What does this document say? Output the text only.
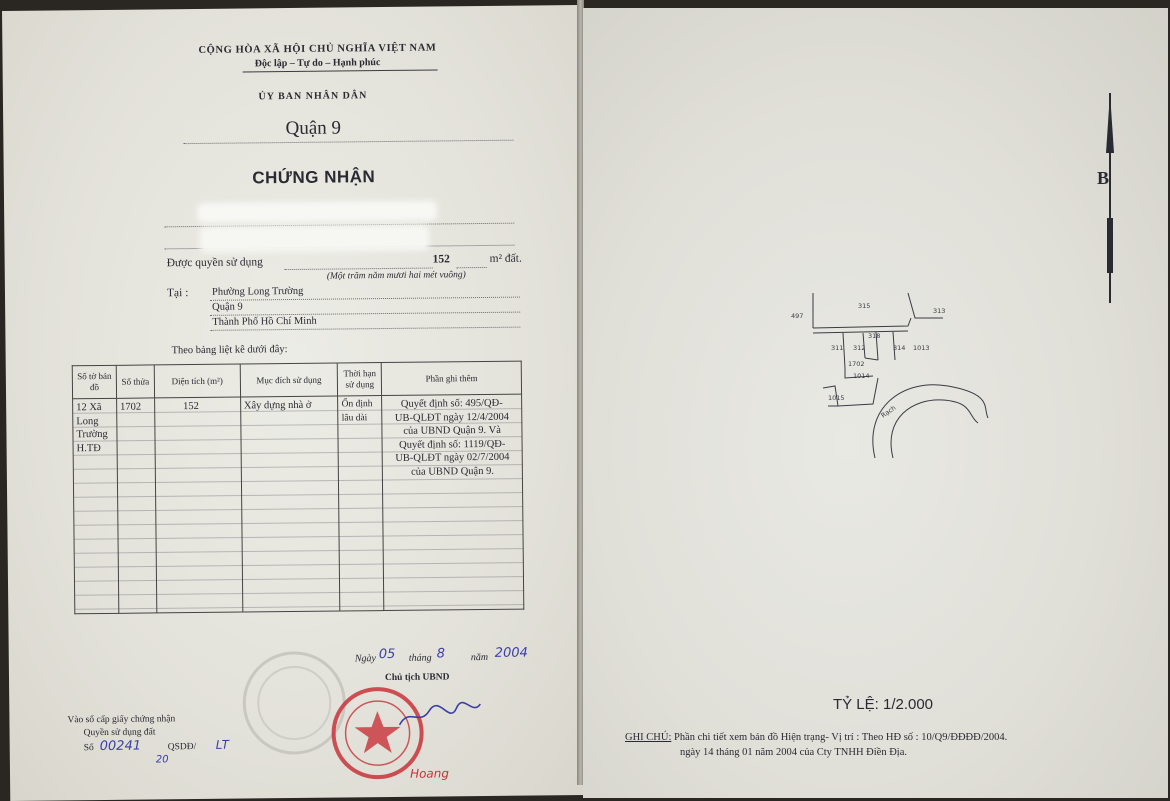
CỘNG HÒA XÃ HỘI CHỦ NGHĨA VIỆT NAM
Độc lập – Tự do – Hạnh phúc
ỦY BAN NHÂN DÂN
Quận 9
CHỨNG NHẬN
Được quyền sử dụng	152	m² đất.
(Một trăm năm mươi hai mét vuông)
Tại : Phường Long Trường
Quận 9
Thành Phố Hồ Chí Minh
Theo bảng liệt kê dưới đây:
Số tờ bản đồ	Số thửa	Diện tích (m²)	Mục đích sử dụng	Thời hạn sử dụng	Phần ghi thêm
12 Xã Long Trường H.TĐ	1702	152	Xây dựng nhà ở	Ổn định lâu dài	Quyết định số: 495/QĐ-UB-QLĐT ngày 12/4/2004 của UBND Quận 9. Và Quyết định số: 1119/QĐ-UB-QLĐT ngày 02/7/2004 của UBND Quận 9.
Ngày 05 tháng 8	năm 2004
Chủ tịch UBND
Hoang
Vào sổ cấp giấy chứng nhận
Quyền sử dụng đất
Số 00241	QSDĐ/ LT
20
B
497
315
313
318
311 312	314 1013
1702
1014
1015
Rạch
TỶ LỆ: 1/2.000
GHI CHÚ: Phần chi tiết xem bản đồ Hiện trạng- Vị trí : Theo HĐ số : 10/Q9/ĐĐĐĐ/2004.
ngày 14 tháng 01 năm 2004 của Cty TNHH Điền Địa.
